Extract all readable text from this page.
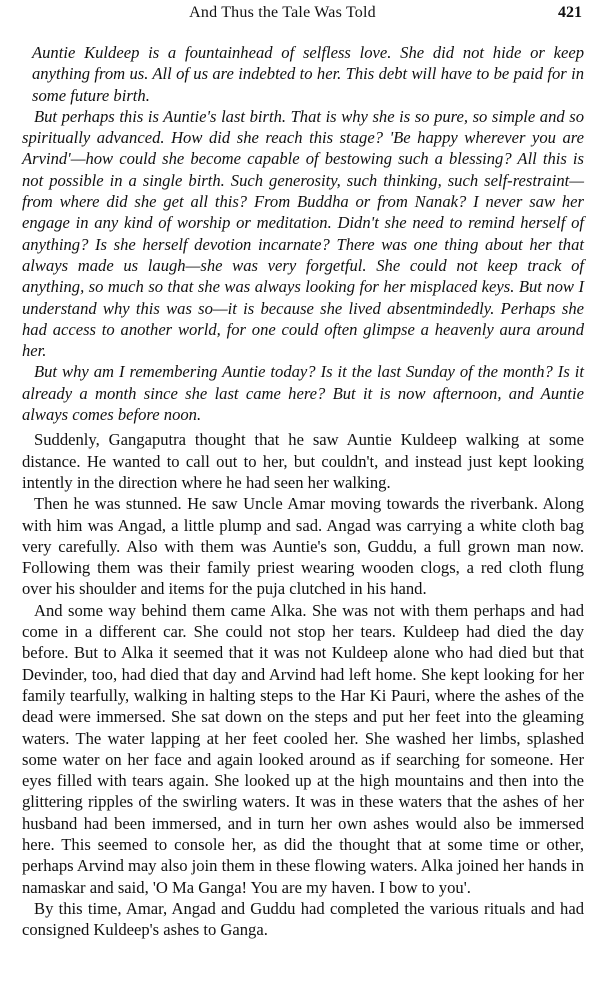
And Thus the Tale Was Told	421

Auntie Kuldeep is a fountainhead of selfless love. She did not hide or keep anything from us. All of us are indebted to her. This debt will have to be paid for in some future birth.

But perhaps this is Auntie's last birth. That is why she is so pure, so simple and so spiritually advanced. How did she reach this stage? 'Be happy wherever you are Arvind'—how could she become capable of bestowing such a blessing? All this is not possible in a single birth. Such generosity, such thinking, such self-restraint—from where did she get all this? From Buddha or from Nanak? I never saw her engage in any kind of worship or meditation. Didn't she need to remind herself of anything? Is she herself devotion incarnate? There was one thing about her that always made us laugh—she was very forgetful. She could not keep track of anything, so much so that she was always looking for her misplaced keys. But now I understand why this was so—it is because she lived absentmindedly. Perhaps she had access to another world, for one could often glimpse a heavenly aura around her.

But why am I remembering Auntie today? Is it the last Sunday of the month? Is it already a month since she last came here? But it is now afternoon, and Auntie always comes before noon.

Suddenly, Gangaputra thought that he saw Auntie Kuldeep walking at some distance. He wanted to call out to her, but couldn't, and instead just kept looking intently in the direction where he had seen her walking.

Then he was stunned. He saw Uncle Amar moving towards the riverbank. Along with him was Angad, a little plump and sad. Angad was carrying a white cloth bag very carefully. Also with them was Auntie's son, Guddu, a full grown man now. Following them was their family priest wearing wooden clogs, a red cloth flung over his shoulder and items for the puja clutched in his hand.

And some way behind them came Alka. She was not with them perhaps and had come in a different car. She could not stop her tears. Kuldeep had died the day before. But to Alka it seemed that it was not Kuldeep alone who had died but that Devinder, too, had died that day and Arvind had left home. She kept looking for her family tearfully, walking in halting steps to the Har Ki Pauri, where the ashes of the dead were immersed. She sat down on the steps and put her feet into the gleaming waters. The water lapping at her feet cooled her. She washed her limbs, splashed some water on her face and again looked around as if searching for someone. Her eyes filled with tears again. She looked up at the high mountains and then into the glittering ripples of the swirling waters. It was in these waters that the ashes of her husband had been immersed, and in turn her own ashes would also be immersed here. This seemed to console her, as did the thought that at some time or other, perhaps Arvind may also join them in these flowing waters. Alka joined her hands in namaskar and said, 'O Ma Ganga! You are my haven. I bow to you'.

By this time, Amar, Angad and Guddu had completed the various rituals and had consigned Kuldeep's ashes to Ganga.
